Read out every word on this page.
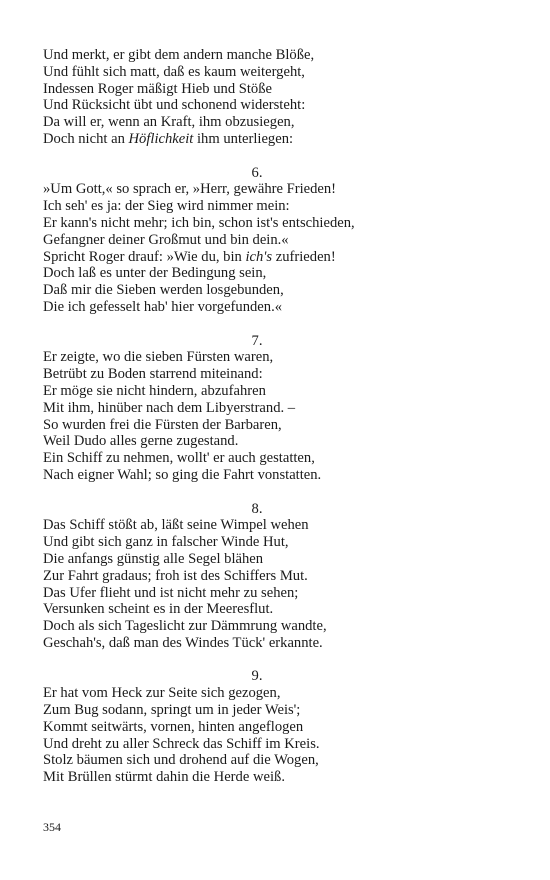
Und merkt, er gibt dem andern manche Blöße,
Und fühlt sich matt, daß es kaum weitergeht,
Indessen Roger mäßigt Hieb und Stöße
Und Rücksicht übt und schonend widersteht:
Da will er, wenn an Kraft, ihm obzusiegen,
Doch nicht an Höflichkeit ihm unterliegen:
6.
»Um Gott,« so sprach er, »Herr, gewähre Frieden!
Ich seh' es ja: der Sieg wird nimmer mein:
Er kann's nicht mehr; ich bin, schon ist's entschieden,
Gefangner deiner Großmut und bin dein.«
Spricht Roger drauf: »Wie du, bin ich's zufrieden!
Doch laß es unter der Bedingung sein,
Daß mir die Sieben werden losgebunden,
Die ich gefesselt hab' hier vorgefunden.«
7.
Er zeigte, wo die sieben Fürsten waren,
Betrübt zu Boden starrend miteinand:
Er möge sie nicht hindern, abzufahren
Mit ihm, hinüber nach dem Libyerstrand. –
So wurden frei die Fürsten der Barbaren,
Weil Dudo alles gerne zugestand.
Ein Schiff zu nehmen, wollt' er auch gestatten,
Nach eigner Wahl; so ging die Fahrt vonstatten.
8.
Das Schiff stößt ab, läßt seine Wimpel wehen
Und gibt sich ganz in falscher Winde Hut,
Die anfangs günstig alle Segel blähen
Zur Fahrt gradaus; froh ist des Schiffers Mut.
Das Ufer flieht und ist nicht mehr zu sehen;
Versunken scheint es in der Meeresflut.
Doch als sich Tageslicht zur Dämmrung wandte,
Geschah's, daß man des Windes Tück' erkannte.
9.
Er hat vom Heck zur Seite sich gezogen,
Zum Bug sodann, springt um in jeder Weis';
Kommt seitwärts, vornen, hinten angeflogen
Und dreht zu aller Schreck das Schiff im Kreis.
Stolz bäumen sich und drohend auf die Wogen,
Mit Brüllen stürmt dahin die Herde weiß.
354
